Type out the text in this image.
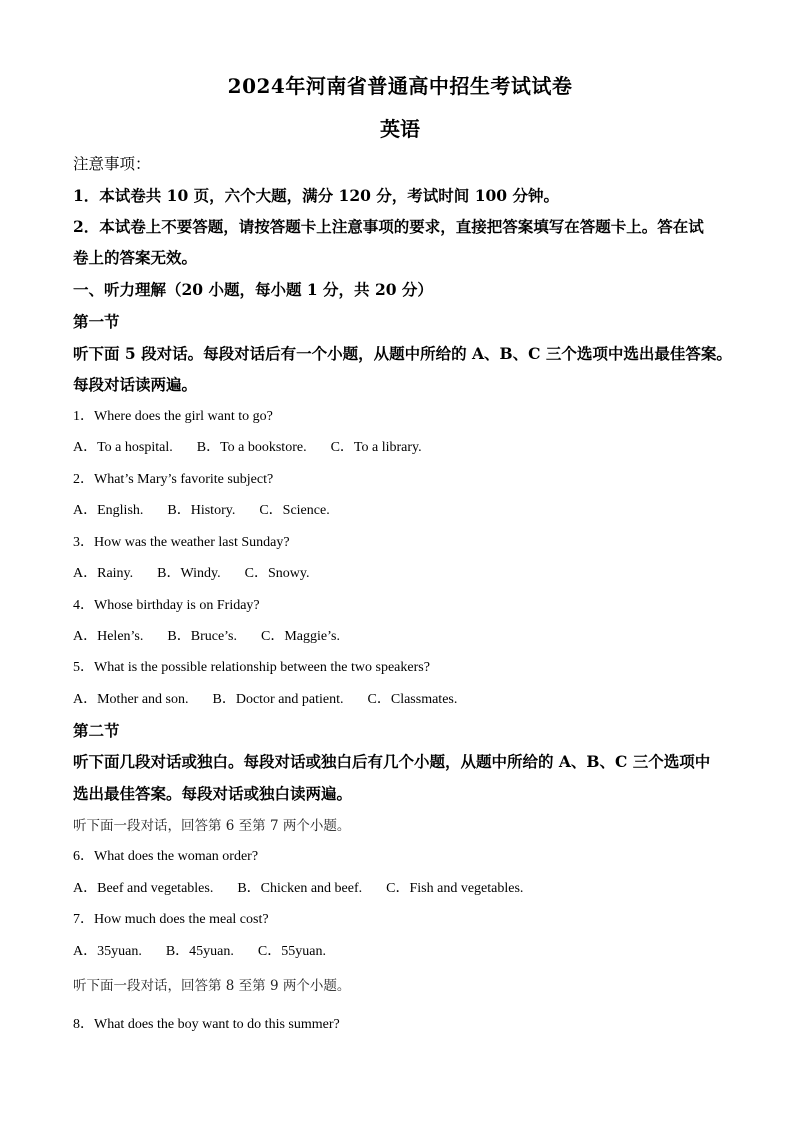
2024年河南省普通高中招生考试试卷
英语
注意事项：
1．本试卷共 10 页，六个大题，满分 120 分，考试时间 100 分钟。
2．本试卷上不要答题，请按答题卡上注意事项的要求，直接把答案填写在答题卡上。答在试
卷上的答案无效。
一、听力理解（20 小题，每小题 1 分，共 20 分）
第一节
听下面 5 段对话。每段对话后有一个小题，从题中所给的 A、B、C 三个选项中选出最佳答案。
每段对话读两遍。
1．Where does the girl want to go?
A．To a hospital. B．To a bookstore. C．To a library.
2．What’s Mary’s favorite subject?
A．English. B．History. C．Science.
3．How was the weather last Sunday?
A．Rainy. B．Windy. C．Snowy.
4．Whose birthday is on Friday?
A．Helen’s. B．Bruce’s. C．Maggie’s.
5．What is the possible relationship between the two speakers?
A．Mother and son. B．Doctor and patient. C．Classmates.
第二节
听下面几段对话或独白。每段对话或独白后有几个小题，从题中所给的 A、B、C 三个选项中
选出最佳答案。每段对话或独白读两遍。
听下面一段对话，回答第 6 至第 7 两个小题。
6．What does the woman order?
A．Beef and vegetables. B．Chicken and beef. C．Fish and vegetables.
7．How much does the meal cost?
A．35yuan. B．45yuan. C．55yuan.
听下面一段对话，回答第 8 至第 9 两个小题。
8．What does the boy want to do this summer?
